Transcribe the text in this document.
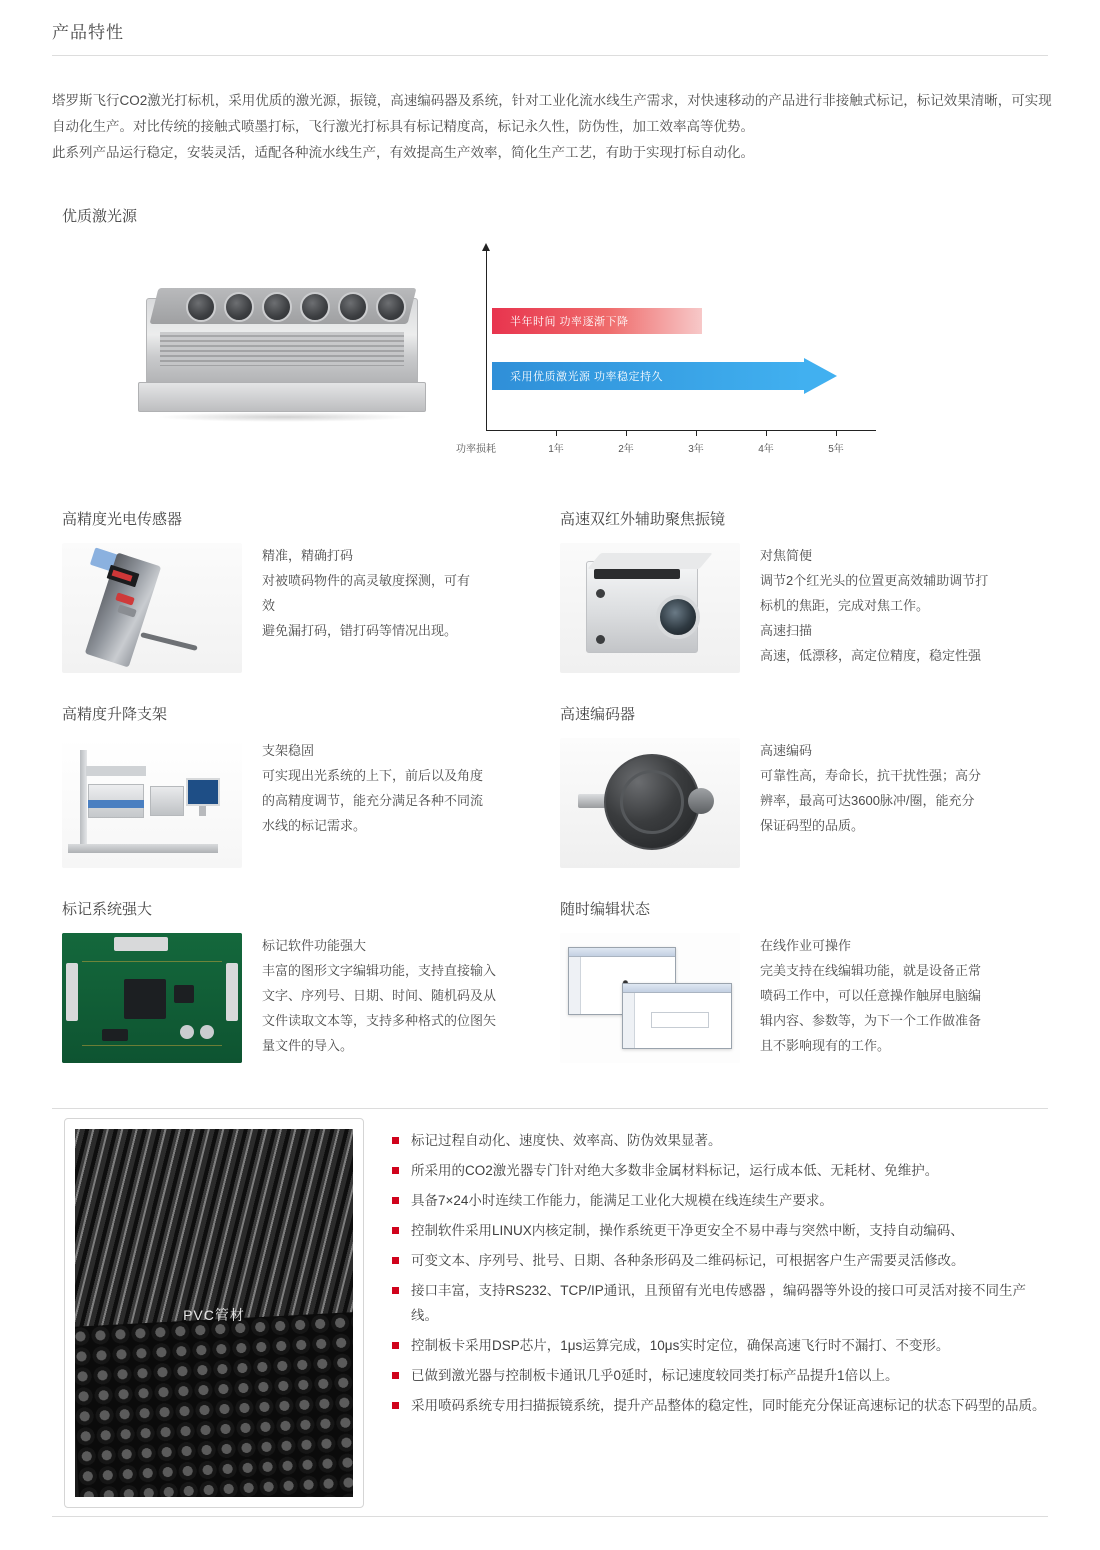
产品特性

塔罗斯飞行CO2激光打标机，采用优质的激光源，振镜，高速编码器及系统，针对工业化流水线生产需求，对快速移动的产品进行非接触式标记，标记效果清晰，可实现自动化生产。对比传统的接触式喷墨打标，飞行激光打标具有标记精度高，标记永久性，防伪性，加工效率高等优势。

此系列产品运行稳定，安装灵活，适配各种流水线生产，有效提高生产效率，简化生产工艺，有助于实现打标自动化。

优质激光源
功率损耗	1年	2年	3年	4年	5年
半年时间 功率逐渐下降
采用优质激光源 功率稳定持久
高精度光电传感器
精准，精确打码
对被喷码物件的高灵敏度探测，可有效
避免漏打码，错打码等情况出现。
高速双红外辅助聚焦振镜
对焦简便
调节2个红光头的位置更高效辅助调节打
标机的焦距，完成对焦工作。
高速扫描
高速，低漂移，高定位精度，稳定性强
高精度升降支架
支架稳固
可实现出光系统的上下，前后以及角度
的高精度调节，能充分满足各种不同流
水线的标记需求。
高速编码器
高速编码
可靠性高，寿命长，抗干扰性强；高分
辨率，最高可达3600脉冲/圈，能充分
保证码型的品质。
标记系统强大
标记软件功能强大
丰富的图形文字编辑功能，支持直接输入
文字、序列号、日期、时间、随机码及从
文件读取文本等，支持多种格式的位图矢
量文件的导入。
随时编辑状态
在线作业可操作
完美支持在线编辑功能，就是设备正常
喷码工作中，可以任意操作触屏电脑编
辑内容、参数等，为下一个工作做准备
且不影响现有的工作。
PVC管材
标记过程自动化、速度快、效率高、防伪效果显著。
所采用的CO2激光器专门针对绝大多数非金属材料标记，运行成本低、无耗材、免维护。
具备7×24小时连续工作能力，能满足工业化大规模在线连续生产要求。
控制软件采用LINUX内核定制，操作系统更干净更安全不易中毒与突然中断，支持自动编码、
可变文本、序列号、批号、日期、各种条形码及二维码标记，可根据客户生产需要灵活修改。
接口丰富，支持RS232、TCP/IP通讯，且预留有光电传感器 ，编码器等外设的接口可灵活对接不同生产线。
控制板卡采用DSP芯片，1μs运算完成，10μs实时定位，确保高速飞行时不漏打、不变形。
已做到激光器与控制板卡通讯几乎0延时，标记速度较同类打标产品提升1倍以上。
采用喷码系统专用扫描振镜系统，提升产品整体的稳定性，同时能充分保证高速标记的状态下码型的品质。
